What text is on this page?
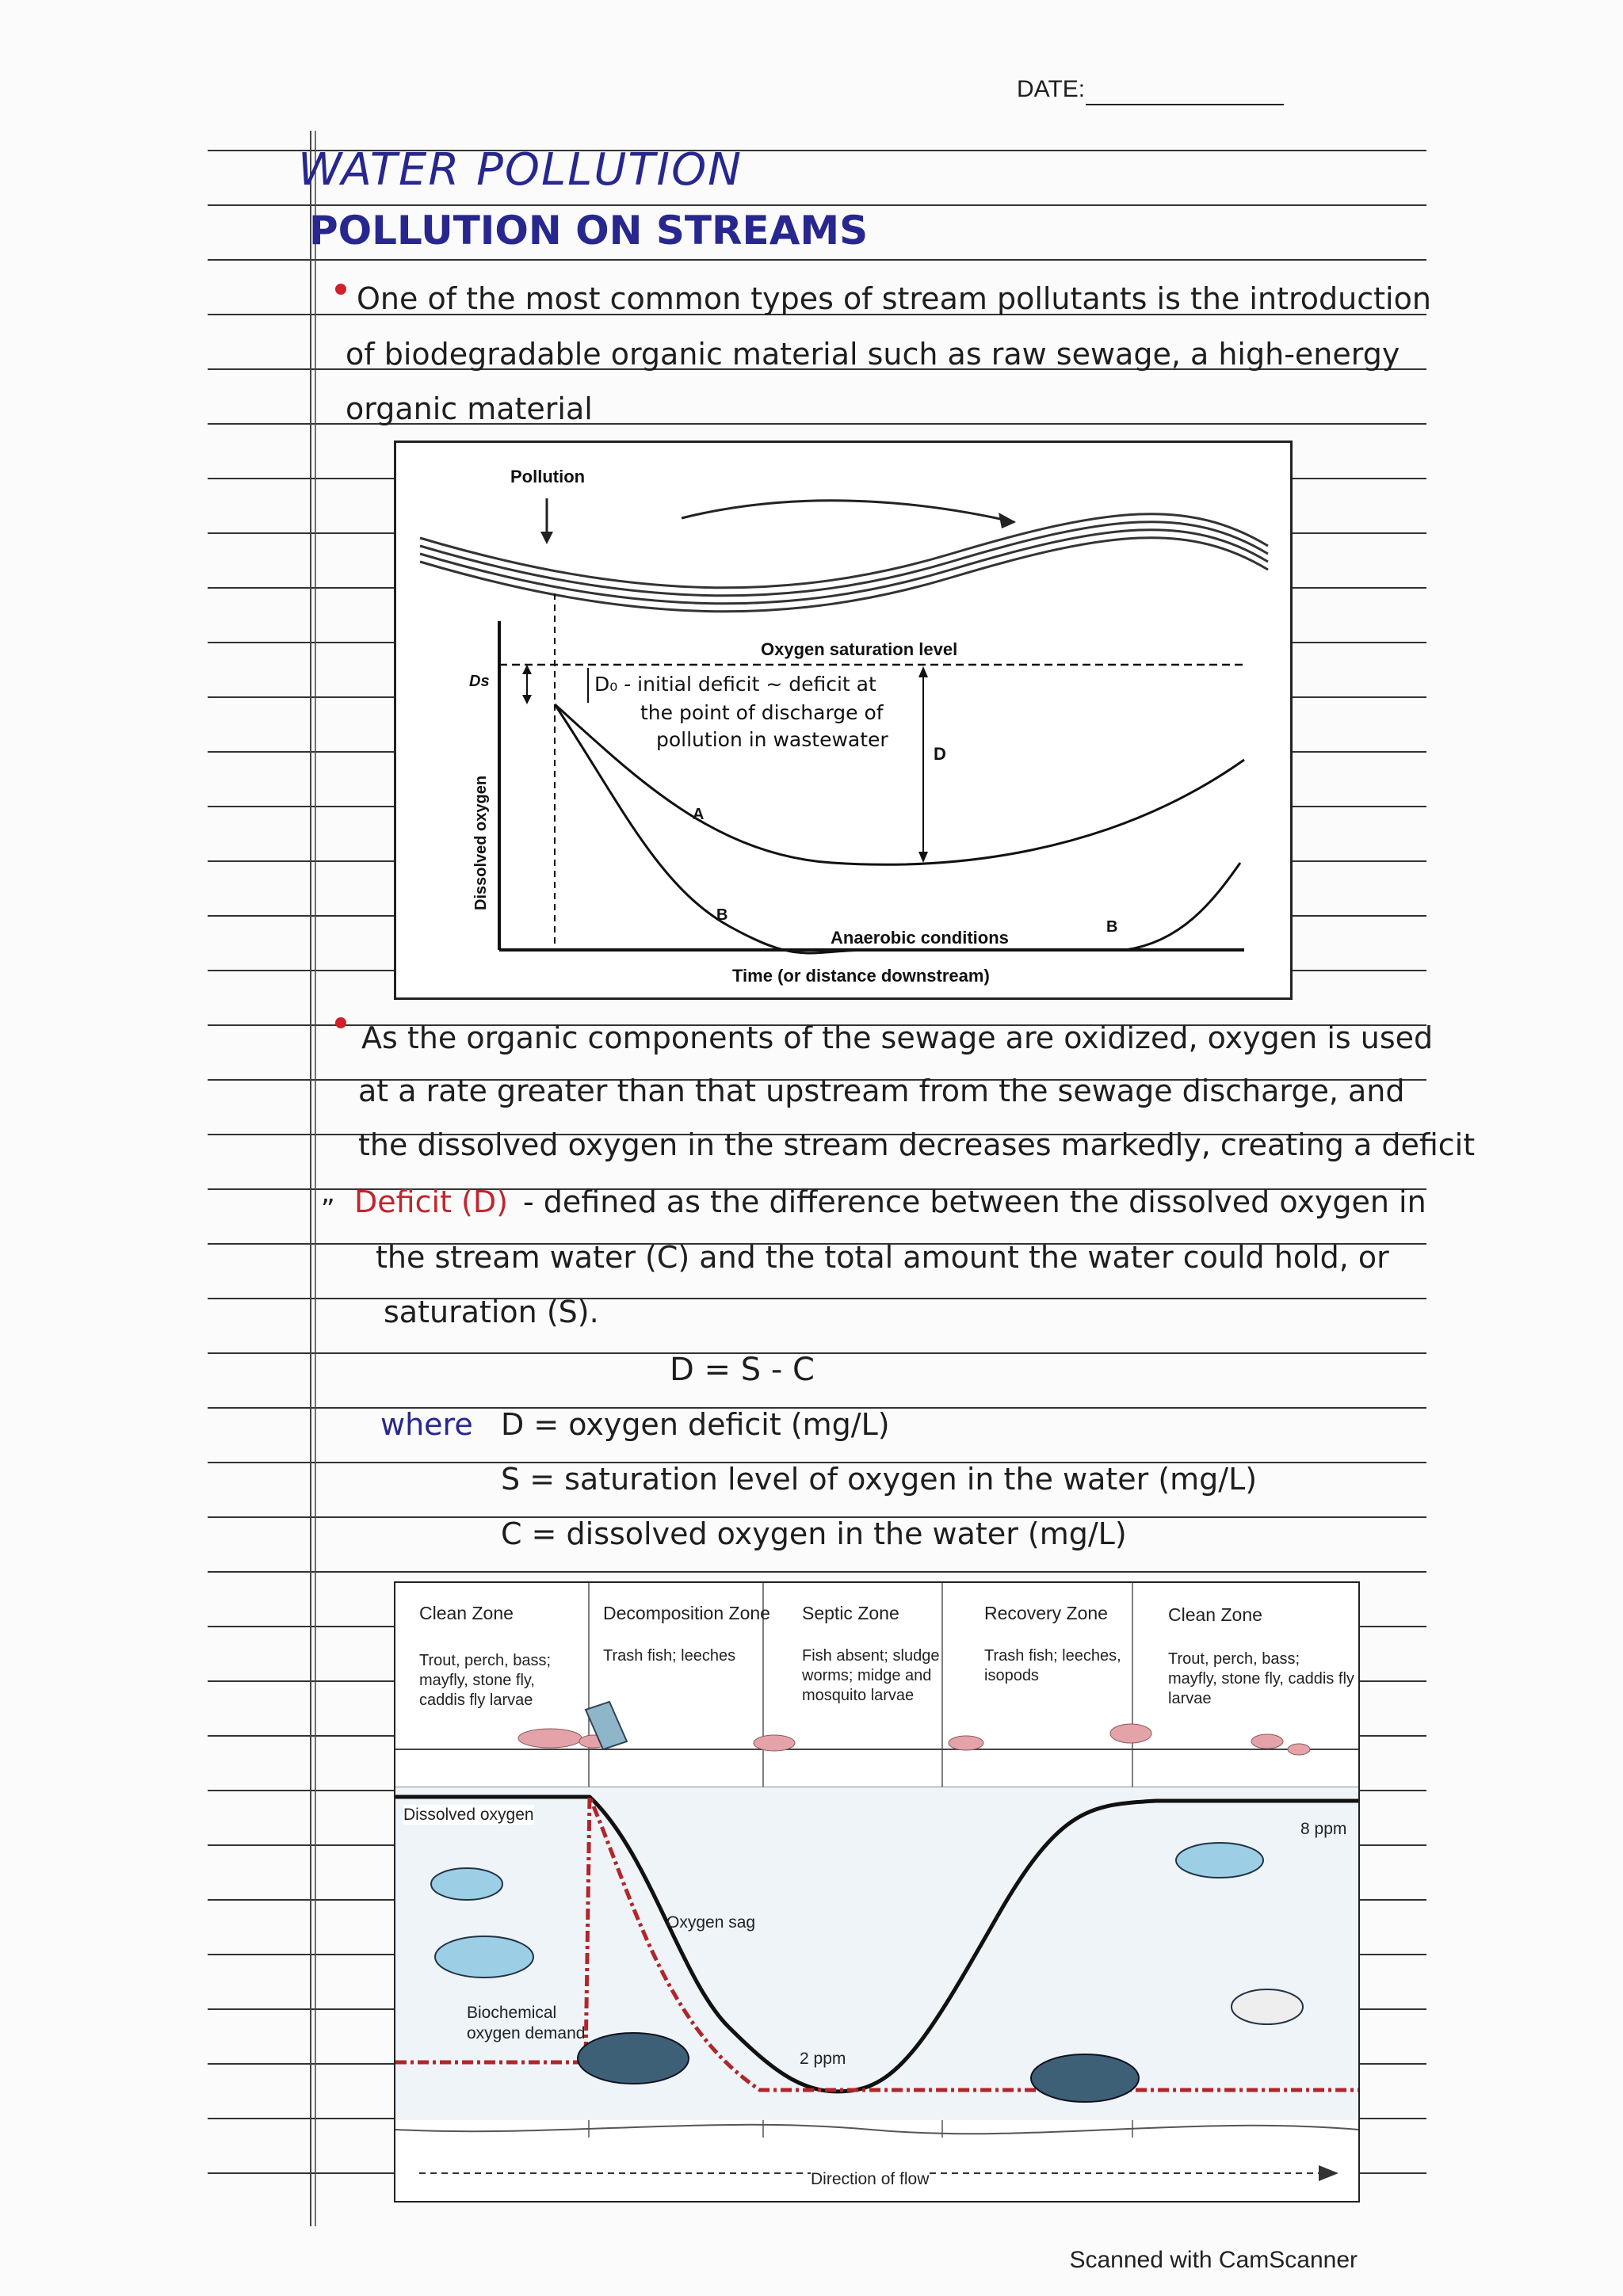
DATE:
WATER POLLUTION
POLLUTION ON STREAMS
One of the most common types of stream pollutants is the introduction
of biodegradable organic material such as raw sewage, a high-energy
organic material
Pollution
Oxygen saturation level
Ds	D₀ - initial deficit ~ deficit at
the point of discharge of
pollution in wastewater
D
Dissolved oxygen	A
B
B
Anaerobic conditions
Time (or distance downstream)
As the organic components of the sewage are oxidized, oxygen is used
at a rate greater than that upstream from the sewage discharge, and
the dissolved oxygen in the stream decreases markedly, creating a deficit
„ Deficit (D) - defined as the difference between the dissolved oxygen in
the stream water (C) and the total amount the water could hold, or
saturation (S).
D = S - C
where D = oxygen deficit (mg/L)
S = saturation level of oxygen in the water (mg/L)
C = dissolved oxygen in the water (mg/L)
Clean Zone
Trout, perch, bass;
mayfly, stone fly,
caddis fly larvae
Decomposition Zone
Trash fish; leeches
Septic Zone
Fish absent; sludge
worms; midge and
mosquito larvae
Recovery Zone
Trash fish; leeches,
isopods
Clean Zone
Trout, perch, bass;
mayfly, stone fly, caddis fly
larvae
Dissolved oxygen
Oxygen sag
Biochemical
oxygen demand
8 ppm
2 ppm
Direction of flow
Scanned with CamScanner
